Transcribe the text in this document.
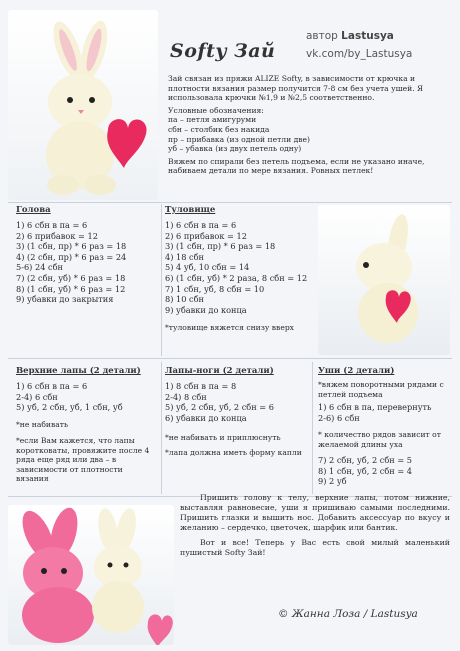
Softy Зай
автор Lastusya
vk.com/by_Lastusya

Зай связан из пряжи ALIZE Softy, в зависимости от крючка и плотности вязания размер получится 7-8 см без учета ушей. Я использовала крючки №1,9 и №2,5 соответственно.

Условные обозначения:
па – петля амигуруми
сбн – столбик без накида
пр – прибавка (из одной петли две)
уб – убавка (из двух петель одну)

Вяжем по спирали без петель подъема, если не указано иначе, набиваем детали по мере вязания. Ровных петлек!

Голова
1) 6 сбн в па = 6
2) 6 прибавок = 12
3) (1 сбн, пр) * 6 раз = 18
4) (2 сбн, пр) * 6 раз = 24
5-6) 24 сбн
7) (2 сбн, уб) * 6 раз = 18
8) (1 сбн, уб) * 6 раз = 12
9) убавки до закрытия
Туловище
1) 6 сбн в па = 6
2) 6 прибавок = 12
3) (1 сбн, пр) * 6 раз = 18
4) 18 сбн
5) 4 уб, 10 сбн = 14
6) (1 сбн, уб) * 2 раза, 8 сбн = 12
7) 1 сбн, уб, 8 сбн = 10
8) 10 сбн
9) убавки до конца
*туловище вяжется снизу вверх
Верхние лапы (2 детали)
1) 6 сбн в па = 6
2-4) 6 сбн
5) уб, 2 сбн, уб, 1 сбн, уб
*не набивать
*если Вам кажется, что лапы коротковаты, провяжите после 4 ряда еще ряд или два – в зависимости от плотности вязания
Лапы-ноги (2 детали)
1) 8 сбн в па = 8
2-4) 8 сбн
5) уб, 2 сбн, уб, 2 сбн = 6
6) убавки до конца
*не набивать и приплюснуть
*лапа должна иметь форму капли
Уши (2 детали)
*вяжем поворотными рядами с петлей подъема
1) 6 сбн в па, перевернуть
2-6) 6 сбн
* количество рядов зависит от желаемой длины уха
7) 2 сбн, уб, 2 сбн = 5
8) 1 сбн, уб, 2 сбн = 4
9) 2 уб

Пришить голову к телу, верхние лапы, потом нижние, выставляя равновесие, уши я пришиваю самыми последними. Пришить глазки и вышить нос. Добавить аксессуар по вкусу и желанию – сердечко, цветочек, шарфик или бантик.

Вот и все! Теперь у Вас есть свой милый маленький пушистый Softy Зай!

© Жанна Лоза / Lastusya
